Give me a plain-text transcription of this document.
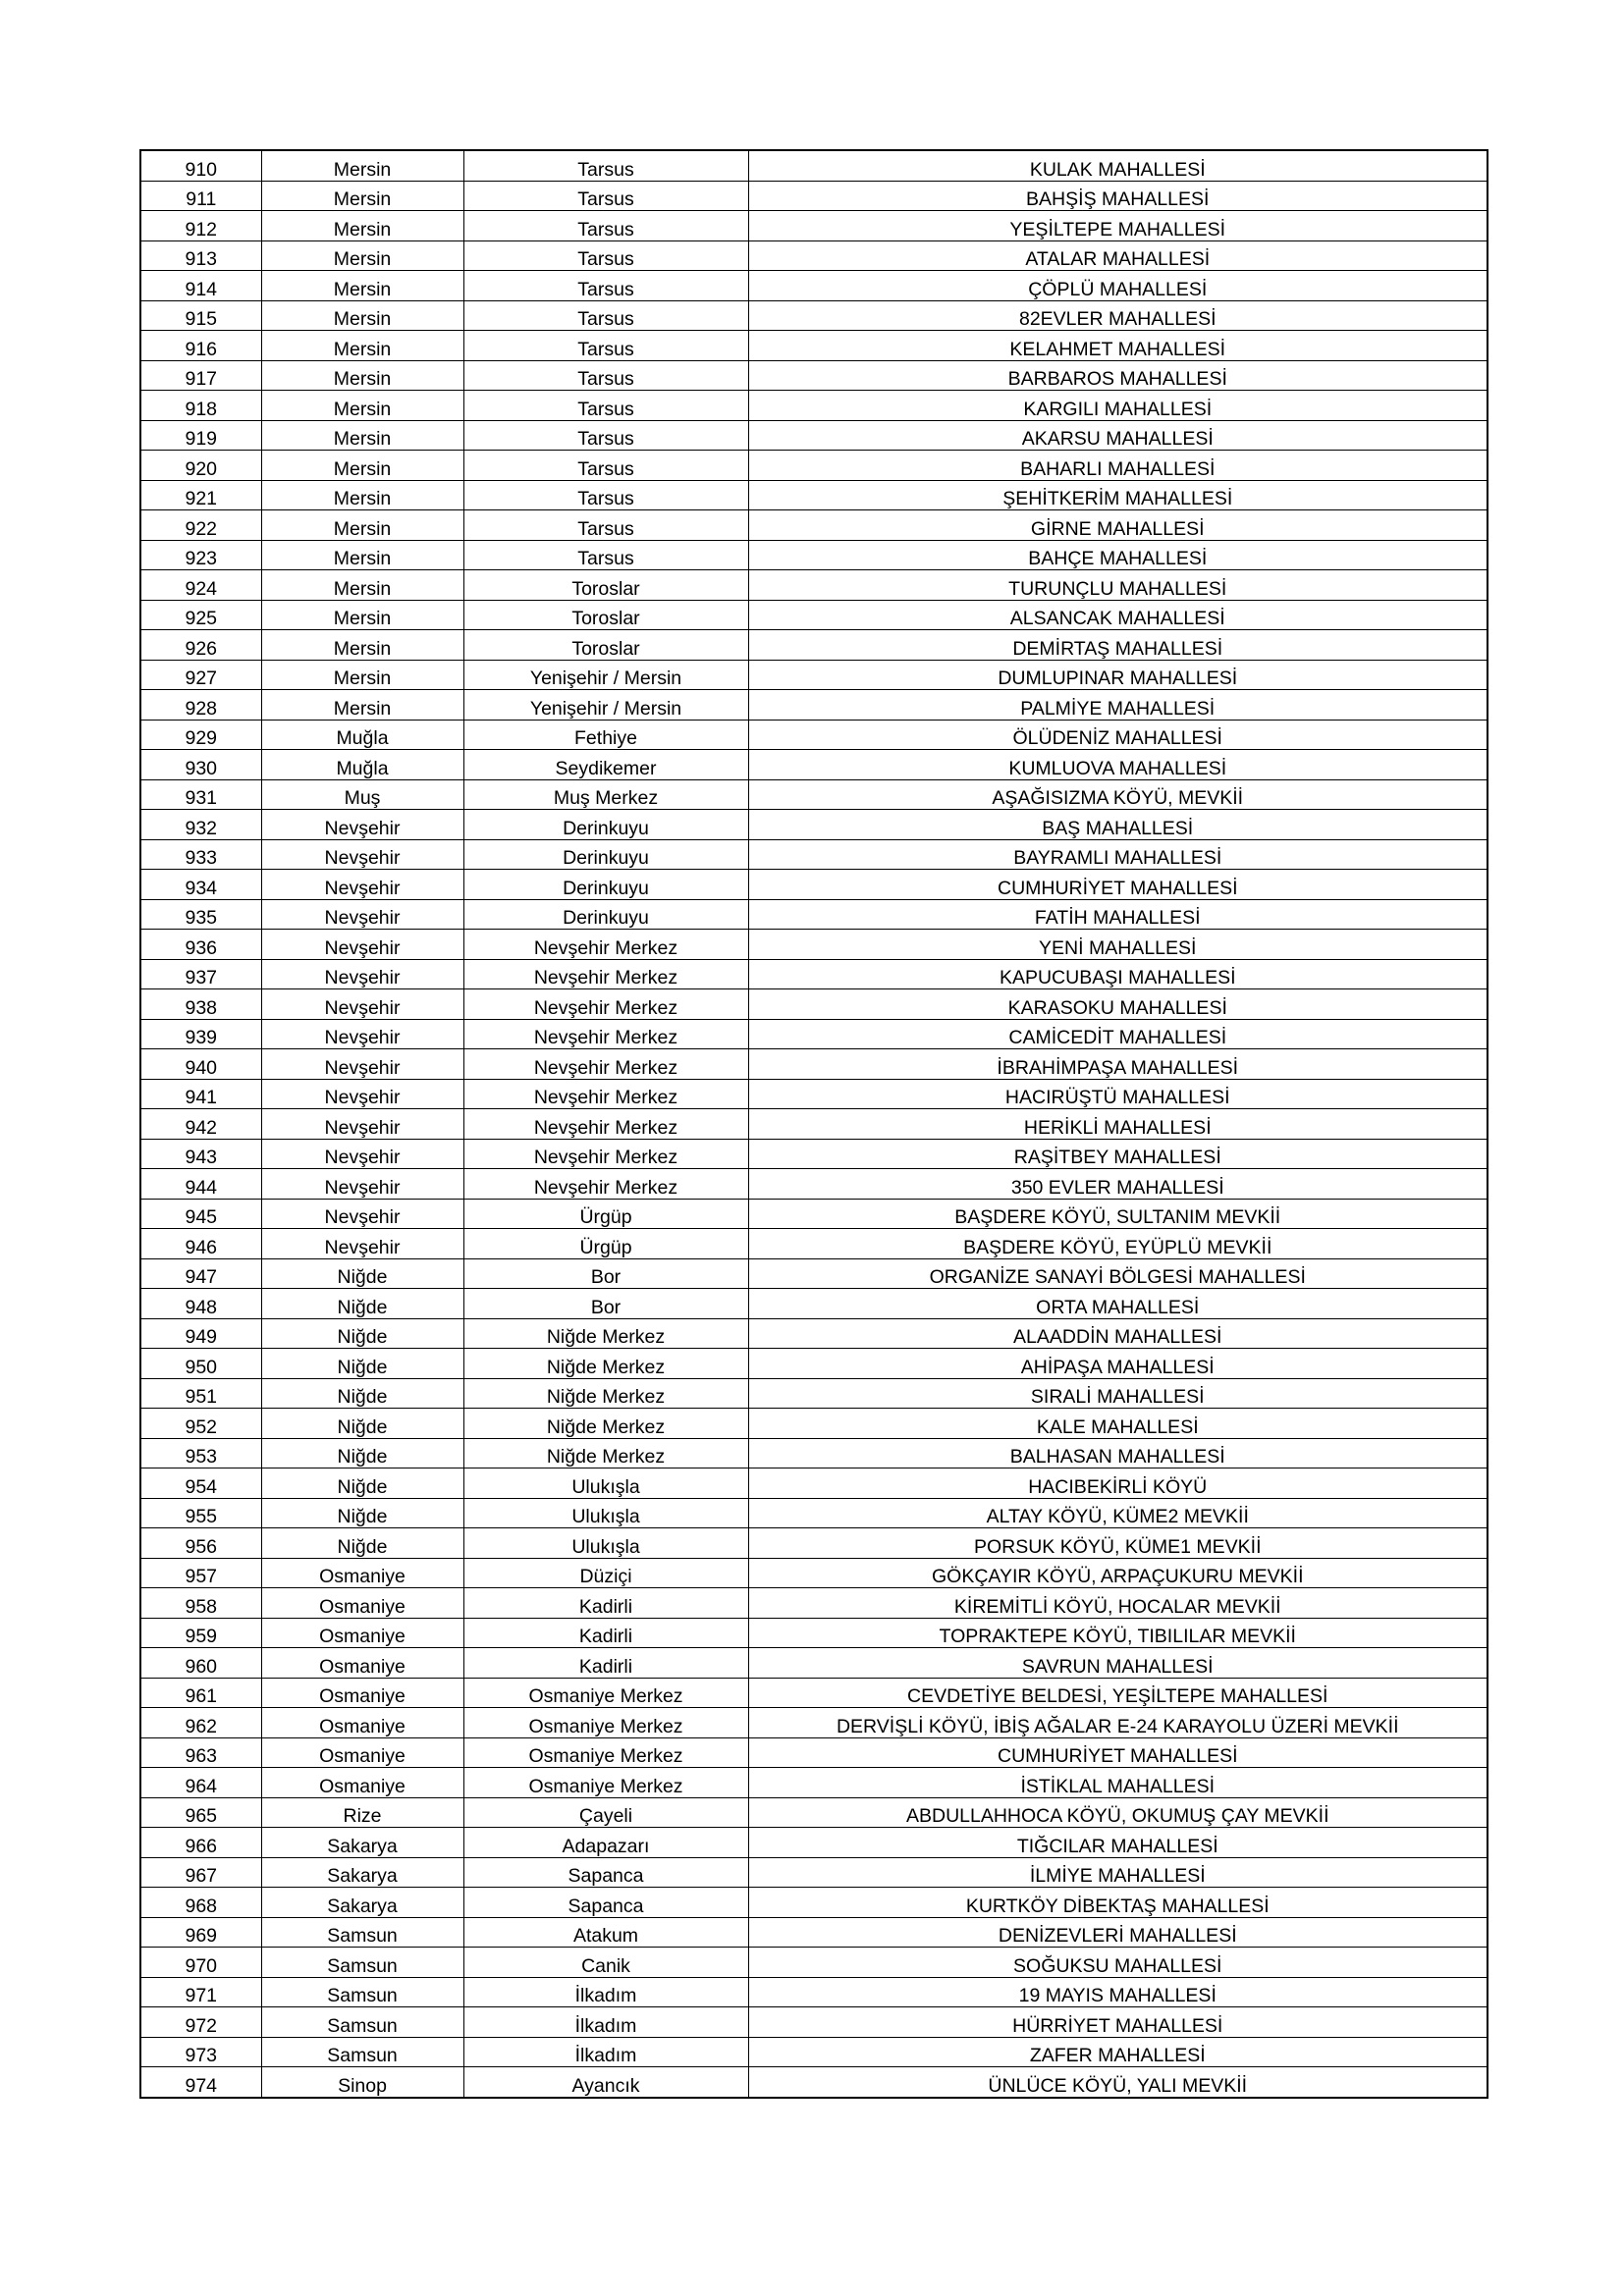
910	Mersin	Tarsus	KULAK MAHALLESİ
911	Mersin	Tarsus	BAHŞİŞ MAHALLESİ
912	Mersin	Tarsus	YEŞİLTEPE MAHALLESİ
913	Mersin	Tarsus	ATALAR MAHALLESİ
914	Mersin	Tarsus	ÇÖPLÜ MAHALLESİ
915	Mersin	Tarsus	82EVLER MAHALLESİ
916	Mersin	Tarsus	KELAHMET MAHALLESİ
917	Mersin	Tarsus	BARBAROS MAHALLESİ
918	Mersin	Tarsus	KARGILI MAHALLESİ
919	Mersin	Tarsus	AKARSU MAHALLESİ
920	Mersin	Tarsus	BAHARLI MAHALLESİ
921	Mersin	Tarsus	ŞEHİTKERİM MAHALLESİ
922	Mersin	Tarsus	GİRNE MAHALLESİ
923	Mersin	Tarsus	BAHÇE MAHALLESİ
924	Mersin	Toroslar	TURUNÇLU MAHALLESİ
925	Mersin	Toroslar	ALSANCAK MAHALLESİ
926	Mersin	Toroslar	DEMİRTAŞ MAHALLESİ
927	Mersin	Yenişehir / Mersin	DUMLUPINAR MAHALLESİ
928	Mersin	Yenişehir / Mersin	PALMİYE MAHALLESİ
929	Muğla	Fethiye	ÖLÜDENİZ MAHALLESİ
930	Muğla	Seydikemer	KUMLUOVA MAHALLESİ
931	Muş	Muş Merkez	AŞAĞISIZMA KÖYÜ, MEVKİİ
932	Nevşehir	Derinkuyu	BAŞ MAHALLESİ
933	Nevşehir	Derinkuyu	BAYRAMLI MAHALLESİ
934	Nevşehir	Derinkuyu	CUMHURİYET MAHALLESİ
935	Nevşehir	Derinkuyu	FATİH MAHALLESİ
936	Nevşehir	Nevşehir Merkez	YENİ MAHALLESİ
937	Nevşehir	Nevşehir Merkez	KAPUCUBAŞI MAHALLESİ
938	Nevşehir	Nevşehir Merkez	KARASOKU MAHALLESİ
939	Nevşehir	Nevşehir Merkez	CAMİCEDİT MAHALLESİ
940	Nevşehir	Nevşehir Merkez	İBRAHİMPAŞA MAHALLESİ
941	Nevşehir	Nevşehir Merkez	HACIRÜŞTÜ MAHALLESİ
942	Nevşehir	Nevşehir Merkez	HERİKLİ MAHALLESİ
943	Nevşehir	Nevşehir Merkez	RAŞİTBEY MAHALLESİ
944	Nevşehir	Nevşehir Merkez	350 EVLER MAHALLESİ
945	Nevşehir	Ürgüp	BAŞDERE KÖYÜ, SULTANIM MEVKİİ
946	Nevşehir	Ürgüp	BAŞDERE KÖYÜ, EYÜPLÜ MEVKİİ
947	Niğde	Bor	ORGANİZE SANAYİ BÖLGESİ MAHALLESİ
948	Niğde	Bor	ORTA MAHALLESİ
949	Niğde	Niğde Merkez	ALAADDİN MAHALLESİ
950	Niğde	Niğde Merkez	AHİPAŞA MAHALLESİ
951	Niğde	Niğde Merkez	SIRALİ MAHALLESİ
952	Niğde	Niğde Merkez	KALE MAHALLESİ
953	Niğde	Niğde Merkez	BALHASAN MAHALLESİ
954	Niğde	Ulukışla	HACIBEKİRLİ KÖYÜ
955	Niğde	Ulukışla	ALTAY KÖYÜ, KÜME2 MEVKİİ
956	Niğde	Ulukışla	PORSUK KÖYÜ, KÜME1 MEVKİİ
957	Osmaniye	Düziçi	GÖKÇAYIR KÖYÜ, ARPAÇUKURU MEVKİİ
958	Osmaniye	Kadirli	KİREMİTLİ KÖYÜ, HOCALAR MEVKİİ
959	Osmaniye	Kadirli	TOPRAKTEPE KÖYÜ, TIBILILAR MEVKİİ
960	Osmaniye	Kadirli	SAVRUN MAHALLESİ
961	Osmaniye	Osmaniye Merkez	CEVDETİYE BELDESİ, YEŞİLTEPE MAHALLESİ
962	Osmaniye	Osmaniye Merkez	DERVİŞLİ KÖYÜ, İBİŞ AĞALAR E-24 KARAYOLU ÜZERİ MEVKİİ
963	Osmaniye	Osmaniye Merkez	CUMHURİYET MAHALLESİ
964	Osmaniye	Osmaniye Merkez	İSTİKLAL MAHALLESİ
965	Rize	Çayeli	ABDULLAHHOCA KÖYÜ, OKUMUŞ ÇAY MEVKİİ
966	Sakarya	Adapazarı	TIĞCILAR MAHALLESİ
967	Sakarya	Sapanca	İLMİYE MAHALLESİ
968	Sakarya	Sapanca	KURTKÖY DİBEKTAŞ MAHALLESİ
969	Samsun	Atakum	DENİZEVLERİ MAHALLESİ
970	Samsun	Canik	SOĞUKSU MAHALLESİ
971	Samsun	İlkadım	19 MAYIS MAHALLESİ
972	Samsun	İlkadım	HÜRRİYET MAHALLESİ
973	Samsun	İlkadım	ZAFER MAHALLESİ
974	Sinop	Ayancık	ÜNLÜCE KÖYÜ, YALI MEVKİİ
